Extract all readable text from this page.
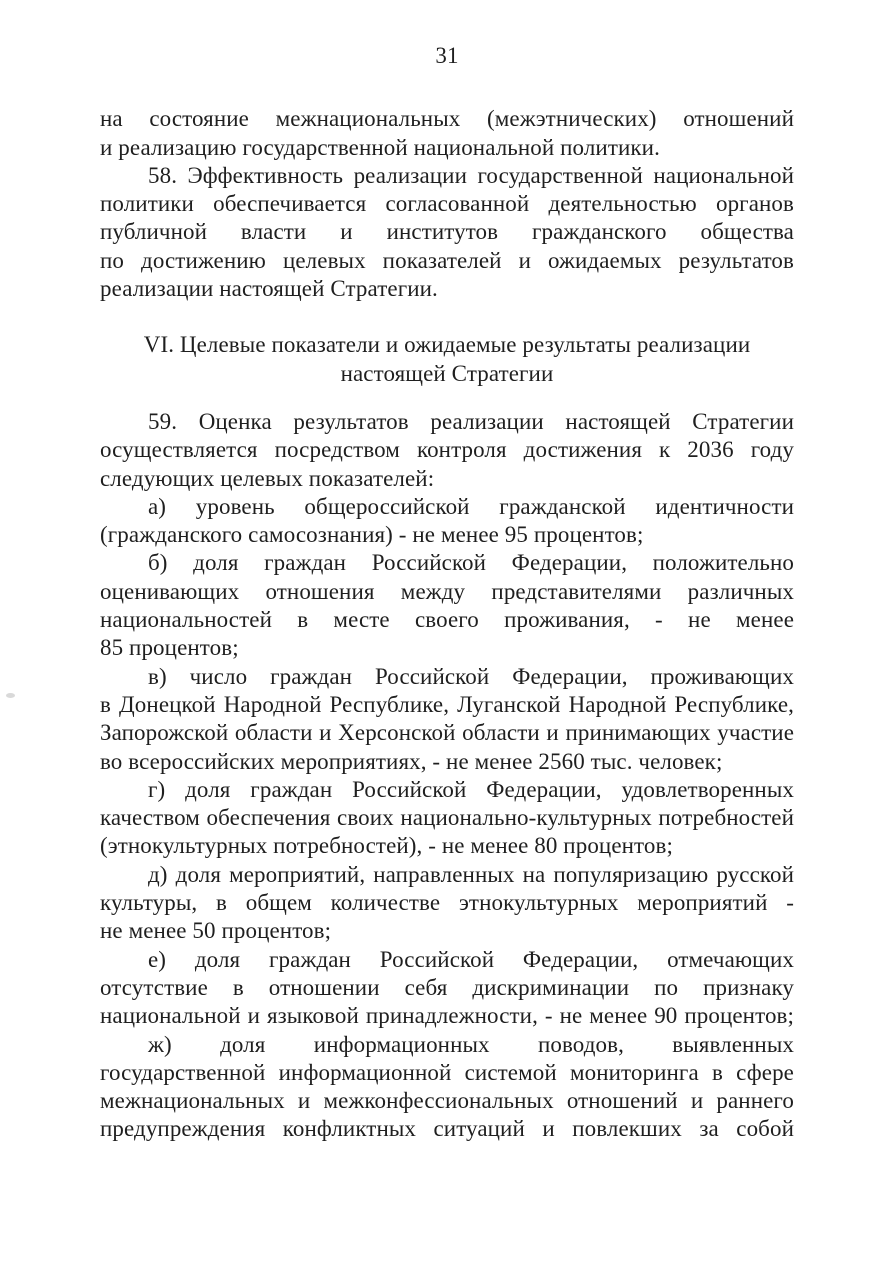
31
на состояние межнациональных (межэтнических) отношений
и реализацию государственной национальной политики.
58. Эффективность реализации государственной национальной
политики обеспечивается согласованной деятельностью органов
публичной власти и институтов гражданского общества
по достижению целевых показателей и ожидаемых результатов
реализации настоящей Стратегии.
VI. Целевые показатели и ожидаемые результаты реализации
настоящей Стратегии
59. Оценка результатов реализации настоящей Стратегии
осуществляется посредством контроля достижения к 2036 году
следующих целевых показателей:
а) уровень общероссийской гражданской идентичности
(гражданского самосознания) - не менее 95 процентов;
б) доля граждан Российской Федерации, положительно
оценивающих отношения между представителями различных
национальностей в месте своего проживания, - не менее
85 процентов;
в) число граждан Российской Федерации, проживающих
в Донецкой Народной Республике, Луганской Народной Республике,
Запорожской области и Херсонской области и принимающих участие
во всероссийских мероприятиях, - не менее 2560 тыс. человек;
г) доля граждан Российской Федерации, удовлетворенных
качеством обеспечения своих национально-культурных потребностей
(этнокультурных потребностей), - не менее 80 процентов;
д) доля мероприятий, направленных на популяризацию русской
культуры, в общем количестве этнокультурных мероприятий -
не менее 50 процентов;
е) доля граждан Российской Федерации, отмечающих
отсутствие в отношении себя дискриминации по признаку
национальной и языковой принадлежности, - не менее 90 процентов;
ж) доля информационных поводов, выявленных
государственной информационной системой мониторинга в сфере
межнациональных и межконфессиональных отношений и раннего
предупреждения конфликтных ситуаций и повлекших за собой
